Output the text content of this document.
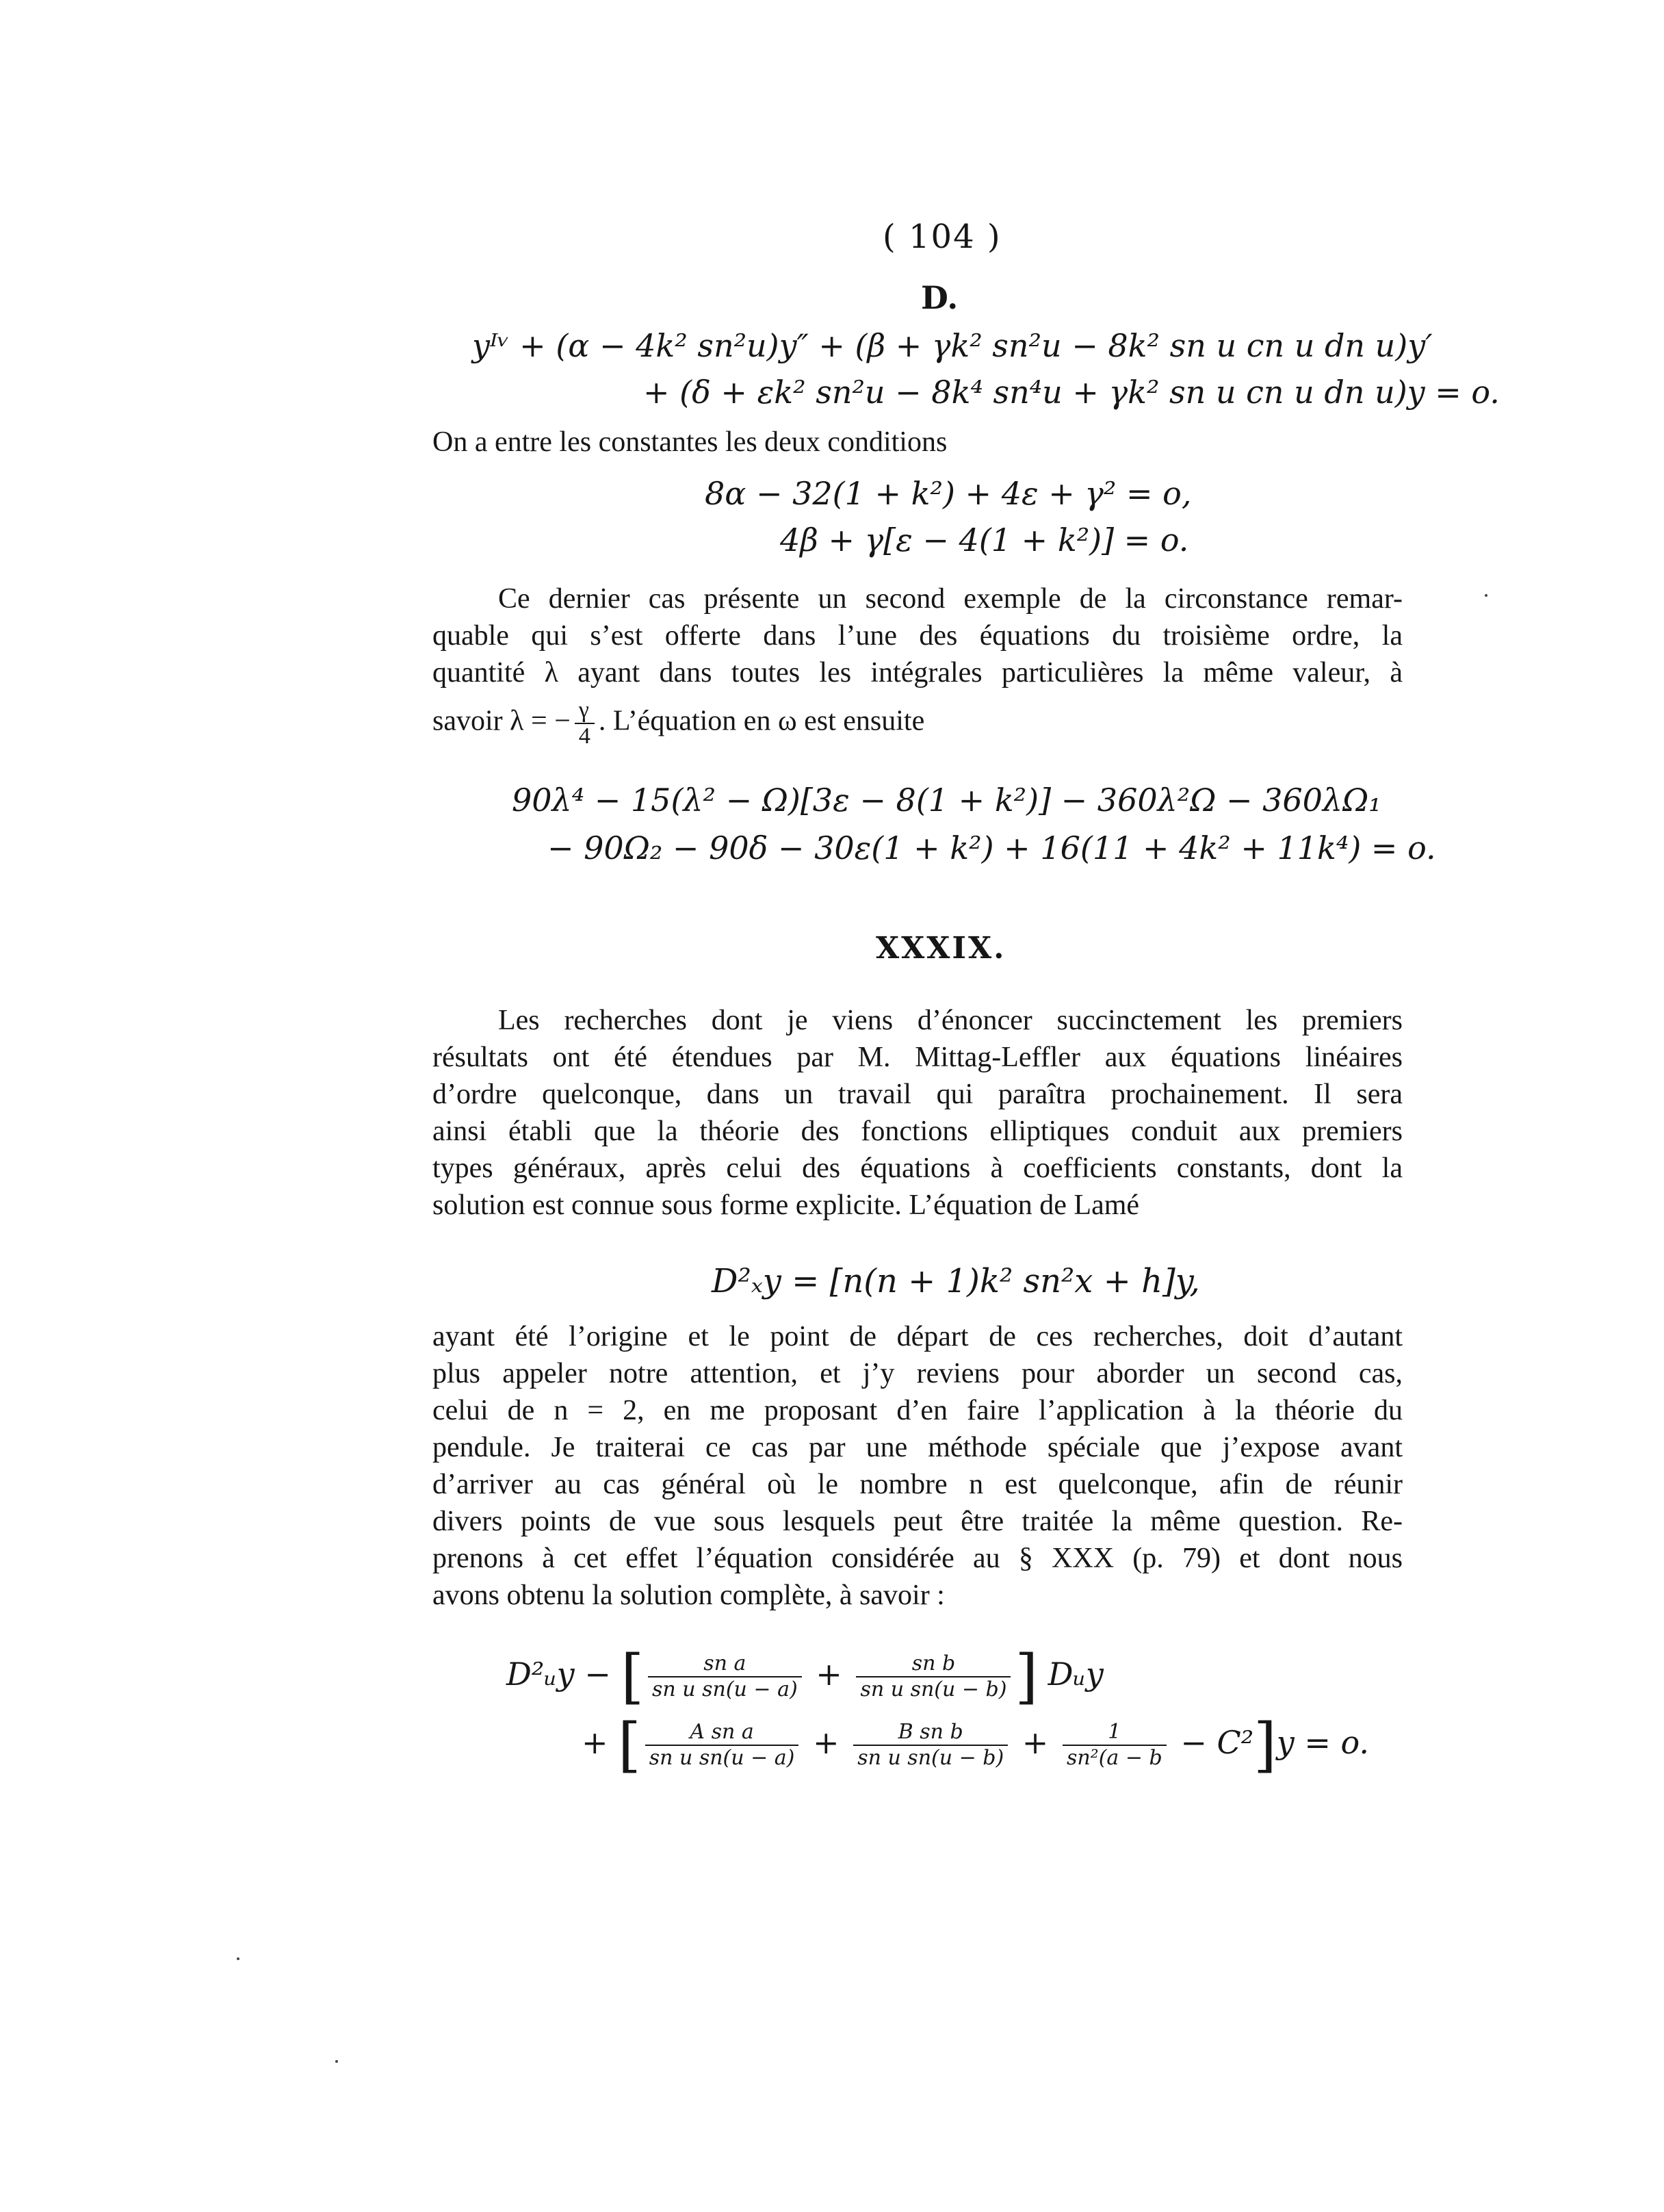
( 104 )
D.
yᴵᵛ + (α − 4k² sn²u)y″ + (β + γk² sn²u − 8k² sn u cn u dn u)y′
+ (δ + εk² sn²u − 8k⁴ sn⁴u + γk² sn u cn u dn u)y = o.
On a entre les constantes les deux conditions
8α − 32(1 + k²) + 4ε + γ² = o,
4β + γ[ε − 4(1 + k²)] = o.
Ce dernier cas présente un second exemple de la circonstance remar-
quable qui s’est offerte dans l’une des équations du troisième ordre, la
quantité λ ayant dans toutes les intégrales particulières la même valeur, à
savoir λ = − $\frac{\gamma}{4}$ . L’équation en ω est ensuite
90λ⁴ − 15(λ² − Ω)[3ε − 8(1 + k²)] − 360λ²Ω − 360λΩ₁
− 90Ω₂ − 90δ − 30ε(1 + k²) + 16(11 + 4k² + 11k⁴) = o.
XXXIX.
Les recherches dont je viens d’énoncer succinctement les premiers
résultats ont été étendues par M. Mittag-Leffler aux équations linéaires
d’ordre quelconque, dans un travail qui paraîtra prochainement. Il sera
ainsi établi que la théorie des fonctions elliptiques conduit aux premiers
types généraux, après celui des équations à coefficients constants, dont la
solution est connue sous forme explicite. L’équation de Lamé
D²ₓy = [n(n + 1)k² sn²x + h]y,
ayant été l’origine et le point de départ de ces recherches, doit d’autant
plus appeler notre attention, et j’y reviens pour aborder un second cas,
celui de n = 2, en me proposant d’en faire l’application à la théorie du
pendule. Je traiterai ce cas par une méthode spéciale que j’expose avant
d’arriver au cas général où le nombre n est quelconque, afin de réunir
divers points de vue sous lesquels peut être traitée la même question. Re-
prenons à cet effet l’équation considérée au § XXX (p. 79) et dont nous
avons obtenu la solution complète, à savoir :
D²ᵤy − [ $\frac{\text{sn a}}{\text{sn u sn(u − a)}} + \frac{\text{sn b}}{\text{sn u sn(u − b)}}$ ] Dᵤy
+ [ $\frac{\text{A sn a}}{\text{sn u sn(u − a)}} + \frac{\text{B sn b}}{\text{sn u sn(u − b)}} + \frac{1}{\text{sn²(a − b}} - C^2]y = o$.
